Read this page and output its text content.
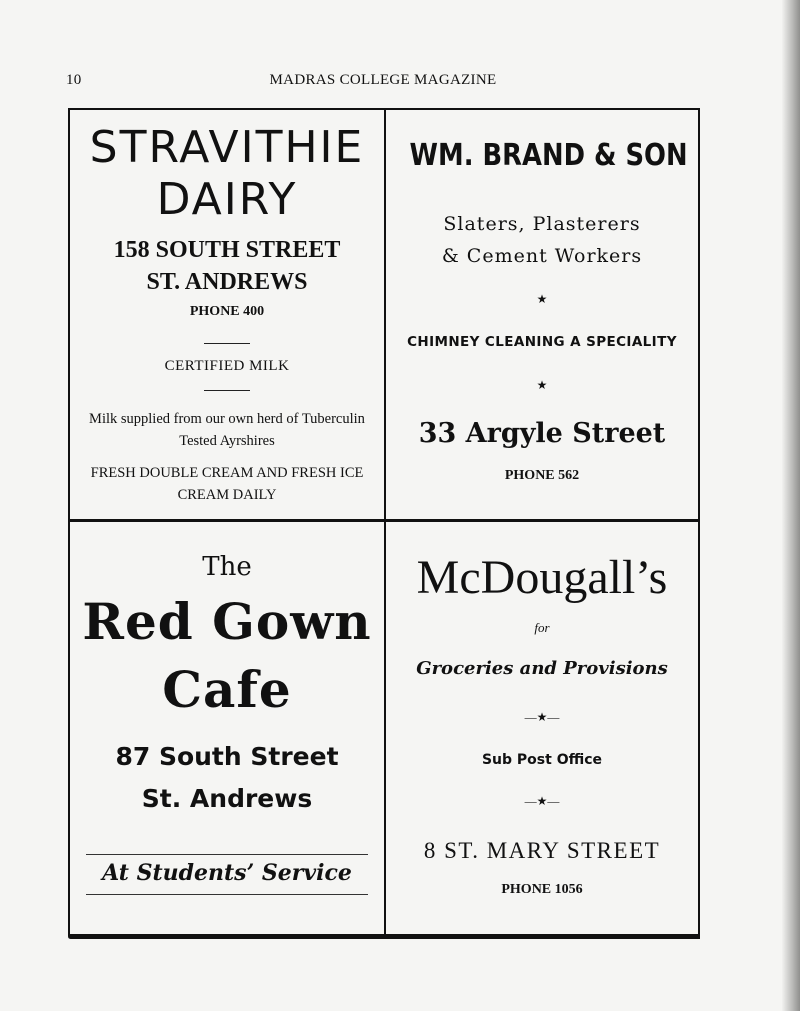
10	MADRAS COLLEGE MAGAZINE
STRAVITHIE
DAIRY
158 SOUTH STREET
ST. ANDREWS
PHONE 400
CERTIFIED MILK
Milk supplied from our own herd of Tuberculin Tested Ayrshires
FRESH DOUBLE CREAM AND FRESH ICE CREAM DAILY
WM. BRAND & SON
Slaters, Plasterers
& Cement Workers
★
CHIMNEY CLEANING A SPECIALITY
★
33 Argyle Street
PHONE 562
The
Red Gown
Cafe
87 South Street
St. Andrews
At Students’ Service
McDougall’s
for
Groceries and Provisions
—★—
Sub Post Office
—★—
8 ST. MARY STREET
PHONE 1056
